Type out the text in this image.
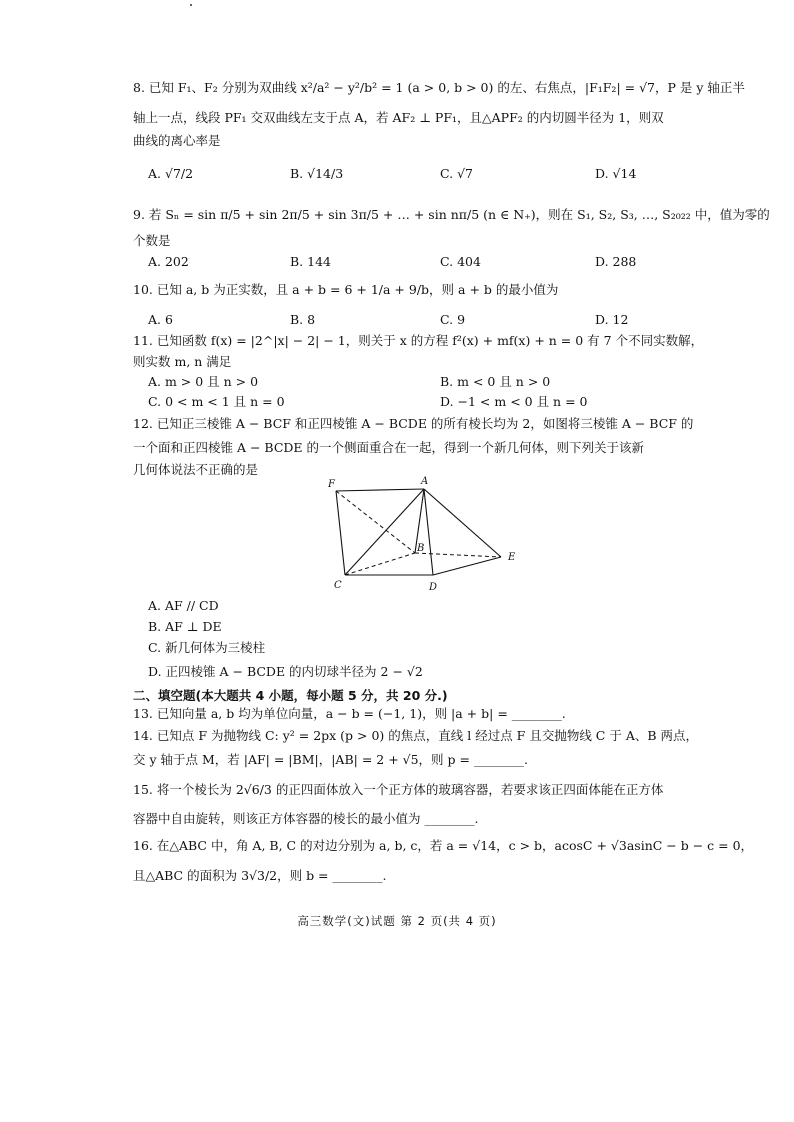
8. 已知 F₁、F₂ 分别为双曲线 x²/a² − y²/b² = 1 (a > 0, b > 0) 的左、右焦点，|F₁F₂| = √7，P 是 y 轴正半
轴上一点，线段 PF₁ 交双曲线左支于点 A，若 AF₂ ⊥ PF₁，且△APF₂ 的内切圆半径为 1，则双
曲线的离心率是
A. √7/2	B. √14/3	C. √7	D. √14
9. 若 Sₙ = sin π/5 + sin 2π/5 + sin 3π/5 + … + sin nπ/5 (n ∈ N₊)，则在 S₁, S₂, S₃, …, S₂₀₂₂ 中，值为零的
个数是
A. 202	B. 144	C. 404	D. 288
10. 已知 a, b 为正实数，且 a + b = 6 + 1/a + 9/b，则 a + b 的最小值为
A. 6	B. 8	C. 9	D. 12
11. 已知函数 f(x) = |2^|x| − 2| − 1，则关于 x 的方程 f²(x) + mf(x) + n = 0 有 7 个不同实数解，
则实数 m, n 满足
A. m > 0 且 n > 0	B. m < 0 且 n > 0
C. 0 < m < 1 且 n = 0	D. −1 < m < 0 且 n = 0
12. 已知正三棱锥 A − BCF 和正四棱锥 A − BCDE 的所有棱长均为 2，如图将三棱锥 A − BCF 的
一个面和正四棱锥 A − BCDE 的一个侧面重合在一起，得到一个新几何体，则下列关于该新
几何体说法不正确的是
F	A
B
E
C	D
A. AF // CD
B. AF ⊥ DE
C. 新几何体为三棱柱
D. 正四棱锥 A − BCDE 的内切球半径为 2 − √2
二、填空题(本大题共 4 小题，每小题 5 分，共 20 分.)
13. 已知向量 a, b 均为单位向量，a − b = (−1, 1)，则 |a + b| = ________.
14. 已知点 F 为抛物线 C: y² = 2px (p > 0) 的焦点，直线 l 经过点 F 且交抛物线 C 于 A、B 两点，
交 y 轴于点 M，若 |AF| = |BM|，|AB| = 2 + √5，则 p = ________.
15. 将一个棱长为 2√6/3 的正四面体放入一个正方体的玻璃容器，若要求该正四面体能在正方体
容器中自由旋转，则该正方体容器的棱长的最小值为 ________.
16. 在△ABC 中，角 A, B, C 的对边分别为 a, b, c，若 a = √14，c > b，acosC + √3asinC − b − c = 0，
且△ABC 的面积为 3√3/2，则 b = ________.
高三数学(文)试题 第 2 页(共 4 页)
